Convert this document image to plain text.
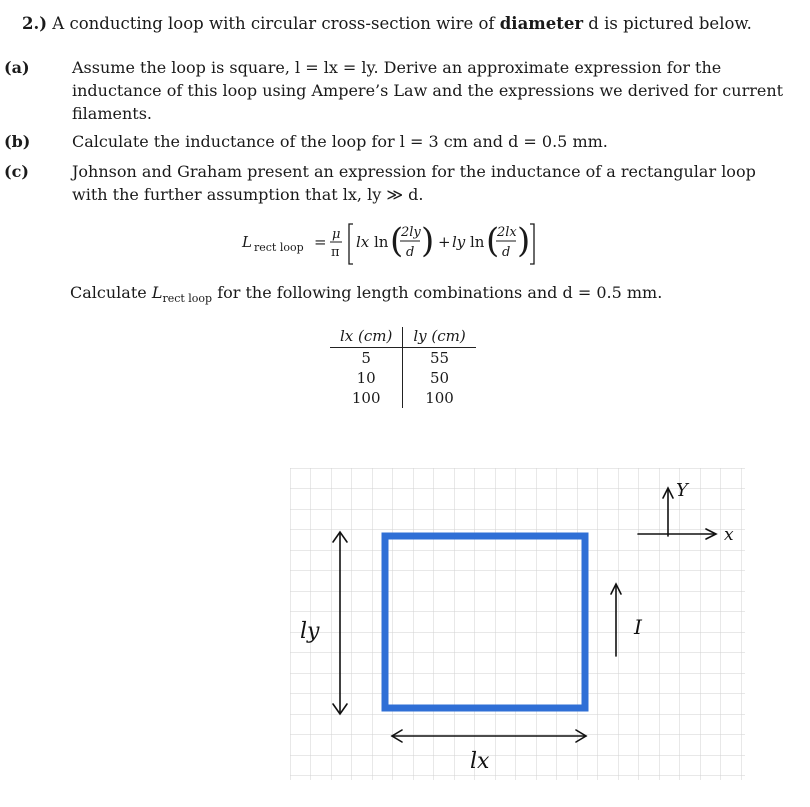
2.) A conducting loop with circular cross-section wire of diameter d is pictured below.
(a)	Assume the loop is square, l = lx = ly. Derive an approximate expression for the inductance of this loop using Ampere’s Law and the expressions we derived for current filaments.
(b)	Calculate the inductance of the loop for l = 3 cm and d = 0.5 mm.
(c)	Johnson and Graham present an expression for the inductance of a rectangular loop with the further assumption that lx, ly ≫ d.
L rect loop = μ
π
lx ln (
2ly
d ) + ly ln (
2lx
d )
Calculate $L_{rect loop}$ for the following length combinations and d = 0.5 mm.
lx (cm)	ly (cm)
5	55
10	50
100	100
ly
lx
I
Y
x
